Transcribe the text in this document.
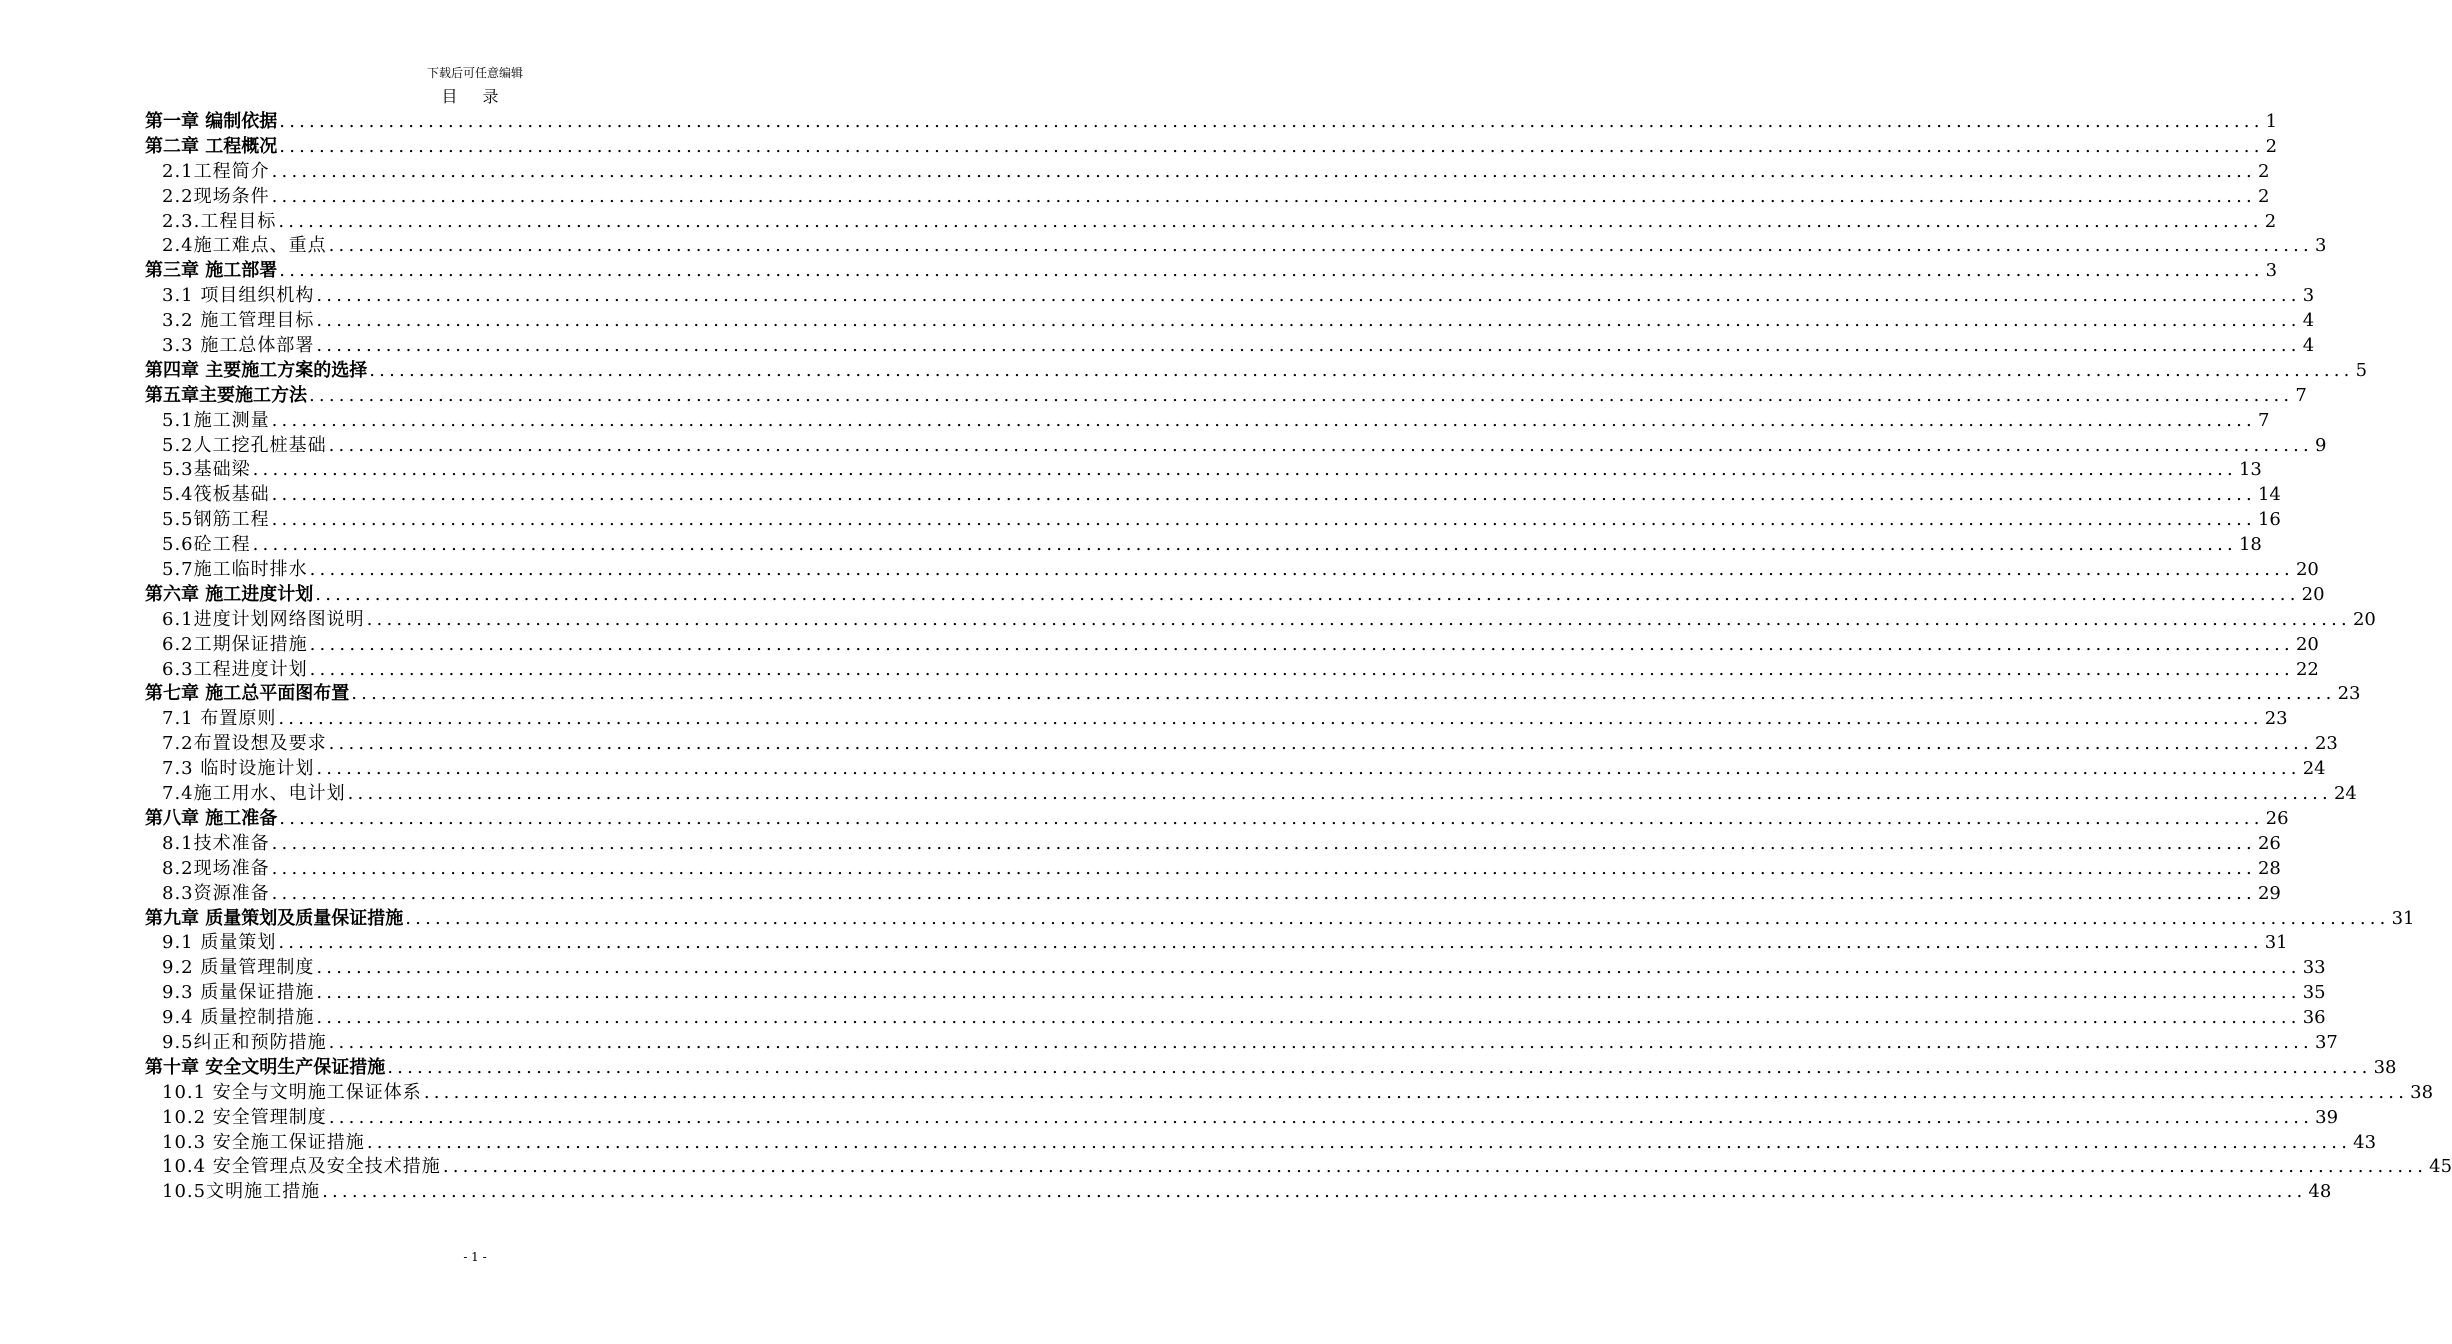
下载后可任意编辑
目 录
第一章 编制依据 ........................................................................................................................................................................................................ 1
第二章 工程概况 ........................................................................................................................................................................................................ 2
2.1工程简介 ........................................................................................................................................................................................................ 2
2.2现场条件 ........................................................................................................................................................................................................ 2
2.3.工程目标 ........................................................................................................................................................................................................ 2
2.4施工难点、重点 ........................................................................................................................................................................................................ 3
第三章 施工部署 ........................................................................................................................................................................................................ 3
3.1 项目组织机构 ........................................................................................................................................................................................................ 3
3.2 施工管理目标 ........................................................................................................................................................................................................ 4
3.3 施工总体部署 ........................................................................................................................................................................................................ 4
第四章 主要施工方案的选择 ........................................................................................................................................................................................................ 5
第五章主要施工方法 ........................................................................................................................................................................................................ 7
5.1施工测量 ........................................................................................................................................................................................................ 7
5.2人工挖孔桩基础 ........................................................................................................................................................................................................ 9
5.3基础梁 ........................................................................................................................................................................................................ 13
5.4筏板基础 ........................................................................................................................................................................................................ 14
5.5钢筋工程 ........................................................................................................................................................................................................ 16
5.6砼工程 ........................................................................................................................................................................................................ 18
5.7施工临时排水 ........................................................................................................................................................................................................ 20
第六章 施工进度计划 ........................................................................................................................................................................................................ 20
6.1进度计划网络图说明 ........................................................................................................................................................................................................ 20
6.2工期保证措施 ........................................................................................................................................................................................................ 20
6.3工程进度计划 ........................................................................................................................................................................................................ 22
第七章 施工总平面图布置 ........................................................................................................................................................................................................ 23
7.1 布置原则 ........................................................................................................................................................................................................ 23
7.2布置设想及要求 ........................................................................................................................................................................................................ 23
7.3 临时设施计划 ........................................................................................................................................................................................................ 24
7.4施工用水、电计划 ........................................................................................................................................................................................................ 24
第八章 施工准备 ........................................................................................................................................................................................................ 26
8.1技术准备 ........................................................................................................................................................................................................ 26
8.2现场准备 ........................................................................................................................................................................................................ 28
8.3资源准备 ........................................................................................................................................................................................................ 29
第九章 质量策划及质量保证措施 ........................................................................................................................................................................................................ 31
9.1 质量策划 ........................................................................................................................................................................................................ 31
9.2 质量管理制度 ........................................................................................................................................................................................................ 33
9.3 质量保证措施 ........................................................................................................................................................................................................ 35
9.4 质量控制措施 ........................................................................................................................................................................................................ 36
9.5纠正和预防措施 ........................................................................................................................................................................................................ 37
第十章 安全文明生产保证措施 ........................................................................................................................................................................................................ 38
10.1 安全与文明施工保证体系 ........................................................................................................................................................................................................ 38
10.2 安全管理制度 ........................................................................................................................................................................................................ 39
10.3 安全施工保证措施 ........................................................................................................................................................................................................ 43
10.4 安全管理点及安全技术措施 ........................................................................................................................................................................................................ 45
10.5文明施工措施 ........................................................................................................................................................................................................ 48
- 1 -
